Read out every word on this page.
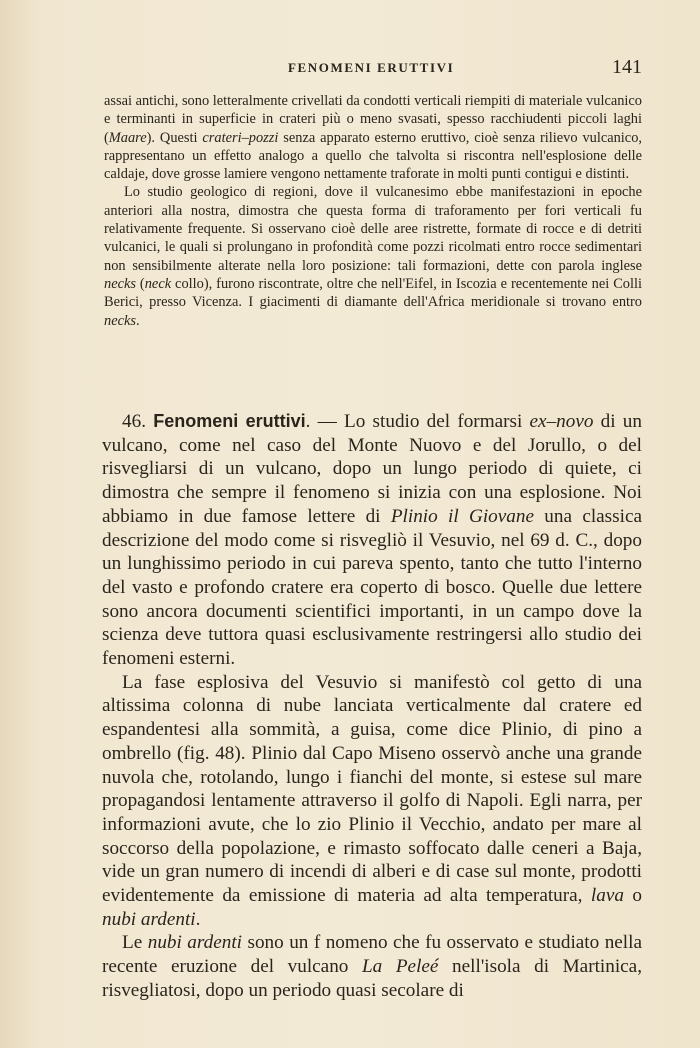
FENOMENI ERUTTIVI	141

assai antichi, sono letteralmente crivellati da condotti verticali riempiti di materiale vulcanico e terminanti in superficie in crateri più o meno svasati, spesso racchiudenti piccoli laghi (Maare). Questi crateri–pozzi senza apparato esterno eruttivo, cioè senza rilievo vulcanico, rappresentano un effetto analogo a quello che talvolta si riscontra nell'esplosione delle caldaje, dove grosse lamiere vengono nettamente traforate in molti punti contigui e distinti.

Lo studio geologico di regioni, dove il vulcanesimo ebbe manifestazioni in epoche anteriori alla nostra, dimostra che questa forma di traforamento per fori verticali fu relativamente frequente. Si osservano cioè delle aree ristrette, formate di rocce e di detriti vulcanici, le quali si prolungano in profondità come pozzi ricolmati entro rocce sedimentari non sensibilmente alterate nella loro posizione: tali formazioni, dette con parola inglese necks (neck collo), furono riscontrate, oltre che nell'Eifel, in Iscozia e recentemente nei Colli Berici, presso Vicenza. I giacimenti di diamante dell'Africa meridionale si trovano entro necks.

46. Fenomeni eruttivi. — Lo studio del formarsi ex–novo di un vulcano, come nel caso del Monte Nuovo e del Jorullo, o del risvegliarsi di un vulcano, dopo un lungo periodo di quiete, ci dimostra che sempre il fenomeno si inizia con una esplosione. Noi abbiamo in due famose lettere di Plinio il Giovane una classica descrizione del modo come si risvegliò il Vesuvio, nel 69 d. C., dopo un lunghissimo periodo in cui pareva spento, tanto che tutto l'interno del vasto e profondo cratere era coperto di bosco. Quelle due lettere sono ancora documenti scientifici importanti, in un campo dove la scienza deve tuttora quasi esclusivamente restringersi allo studio dei fenomeni esterni.

La fase esplosiva del Vesuvio si manifestò col getto di una altissima colonna di nube lanciata verticalmente dal cratere ed espandentesi alla sommità, a guisa, come dice Plinio, di pino a ombrello (fig. 48). Plinio dal Capo Miseno osservò anche una grande nuvola che, rotolando, lungo i fianchi del monte, si estese sul mare propagandosi lentamente attraverso il golfo di Napoli. Egli narra, per informazioni avute, che lo zio Plinio il Vecchio, andato per mare al soccorso della popolazione, e rimasto soffocato dalle ceneri a Baja, vide un gran numero di incendi di alberi e di case sul monte, prodotti evidentemente da emissione di materia ad alta temperatura, lava o nubi ardenti.

Le nubi ardenti sono un f nomeno che fu osservato e studiato nella recente eruzione del vulcano La Peleé nell'isola di Martinica, risvegliatosi, dopo un periodo quasi secolare di
